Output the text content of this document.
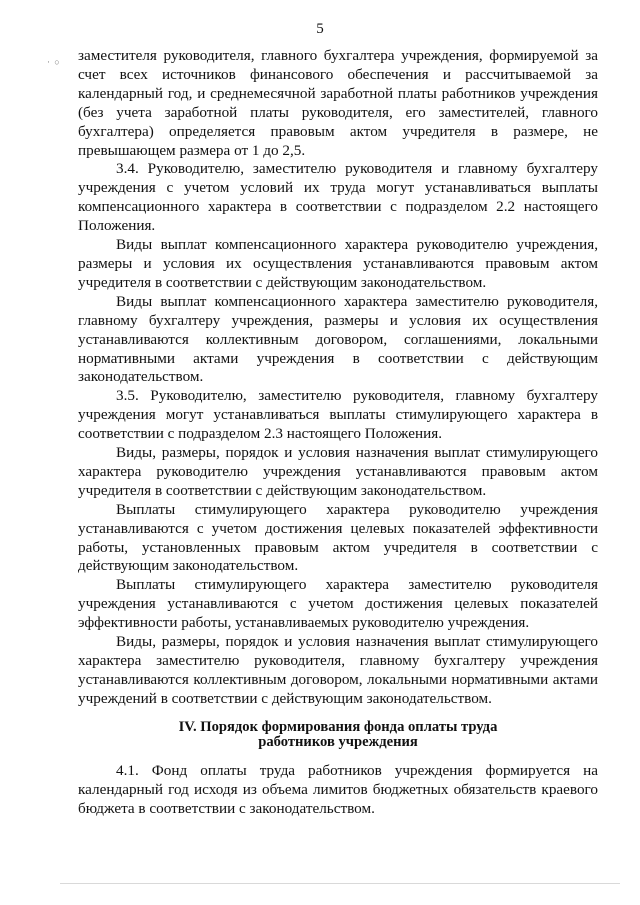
5
· ○ заместителя руководителя, главного бухгалтера учреждения, формируемой за счет всех источников финансового обеспечения и рассчитываемой за календарный год, и среднемесячной заработной платы работников учреждения (без учета заработной платы руководителя, его заместителей, главного бухгалтера) определяется правовым актом учредителя в размере, не превышающем размера от 1 до 2,5.

3.4. Руководителю, заместителю руководителя и главному бухгалтеру учреждения с учетом условий их труда могут устанавливаться выплаты компенсационного характера в соответствии с подразделом 2.2 настоящего Положения.

Виды выплат компенсационного характера руководителю учреждения, размеры и условия их осуществления устанавливаются правовым актом учредителя в соответствии с действующим законодательством.

Виды выплат компенсационного характера заместителю руководителя, главному бухгалтеру учреждения, размеры и условия их осуществления устанавливаются коллективным договором, соглашениями, локальными нормативными актами учреждения в соответствии с действующим законодательством.

3.5. Руководителю, заместителю руководителя, главному бухгалтеру учреждения могут устанавливаться выплаты стимулирующего характера в соответствии с подразделом 2.3 настоящего Положения.

Виды, размеры, порядок и условия назначения выплат стимулирующего характера руководителю учреждения устанавливаются правовым актом учредителя в соответствии с действующим законодательством.

Выплаты стимулирующего характера руководителю учреждения устанавливаются с учетом достижения целевых показателей эффективности работы, установленных правовым актом учредителя в соответствии с действующим законодательством.

Выплаты стимулирующего характера заместителю руководителя учреждения устанавливаются с учетом достижения целевых показателей эффективности работы, устанавливаемых руководителю учреждения.

Виды, размеры, порядок и условия назначения выплат стимулирующего характера заместителю руководителя, главному бухгалтеру учреждения устанавливаются коллективным договором, локальными нормативными актами учреждений в соответствии с действующим законодательством.

IV. Порядок формирования фонда оплаты труда
работников учреждения

4.1. Фонд оплаты труда работников учреждения формируется на календарный год исходя из объема лимитов бюджетных обязательств краевого бюджета в соответствии с законодательством.
